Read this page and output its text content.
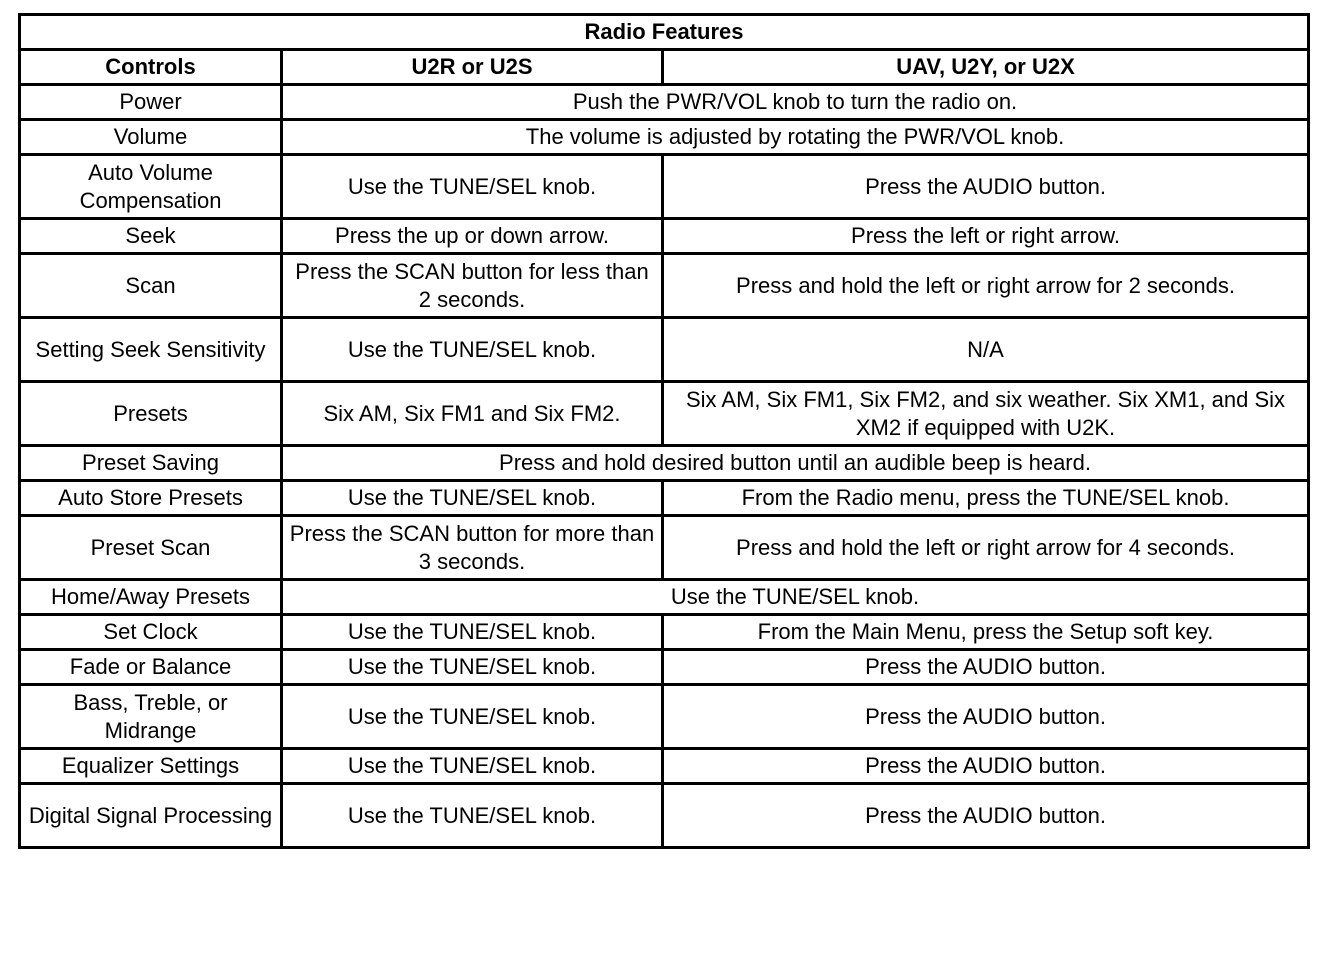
Radio Features		
Controls	U2R or U2S	UAV, U2Y, or U2X
Power	Push the PWR/VOL knob to turn the radio on.	
Volume	The volume is adjusted by rotating the PWR/VOL knob.	
Auto Volume Compensation	Use the TUNE/SEL knob.	Press the AUDIO button.
Seek	Press the up or down arrow.	Press the left or right arrow.
Scan	Press the SCAN button for less than 2 seconds.	Press and hold the left or right arrow for 2 seconds.
Setting Seek Sensitivity	Use the TUNE/SEL knob.	N/A
Presets	Six AM, Six FM1 and Six FM2.	Six AM, Six FM1, Six FM2, and six weather. Six XM1, and Six XM2 if equipped with U2K.
Preset Saving	Press and hold desired button until an audible beep is heard.	
Auto Store Presets	Use the TUNE/SEL knob.	From the Radio menu, press the TUNE/SEL knob.
Preset Scan	Press the SCAN button for more than 3 seconds.	Press and hold the left or right arrow for 4 seconds.
Home/Away Presets	Use the TUNE/SEL knob.	
Set Clock	Use the TUNE/SEL knob.	From the Main Menu, press the Setup soft key.
Fade or Balance	Use the TUNE/SEL knob.	Press the AUDIO button.
Bass, Treble, or Midrange	Use the TUNE/SEL knob.	Press the AUDIO button.
Equalizer Settings	Use the TUNE/SEL knob.	Press the AUDIO button.
Digital Signal Processing	Use the TUNE/SEL knob.	Press the AUDIO button.
